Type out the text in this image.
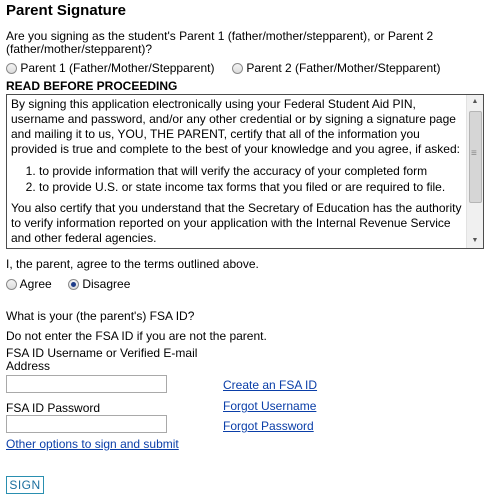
Parent Signature
Are you signing as the student's Parent 1 (father/mother/stepparent), or Parent 2 (father/mother/stepparent)?
Parent 1 (Father/Mother/Stepparent)	Parent 2 (Father/Mother/Stepparent)
READ BEFORE PROCEEDING

By signing this application electronically using your Federal Student Aid PIN, username and password, and/or any other credential or by signing a signature page and mailing it to us, YOU, THE PARENT, certify that all of the information you provided is true and complete to the best of your knowledge and you agree, if asked:

1. to provide information that will verify the accuracy of your completed form
2. to provide U.S. or state income tax forms that you filed or are required to file.

You also certify that you understand that the Secretary of Education has the authority to verify information reported on your application with the Internal Revenue Service and other federal agencies.

▲
≡
▼
I, the parent, agree to the terms outlined above.
Agree	Disagree
What is your (the parent's) FSA ID?
Do not enter the FSA ID if you are not the parent.
FSA ID Username or Verified E-mail Address
FSA ID Password
Create an FSA ID
Forgot Username
Forgot Password
Other options to sign and submit
SIGN
